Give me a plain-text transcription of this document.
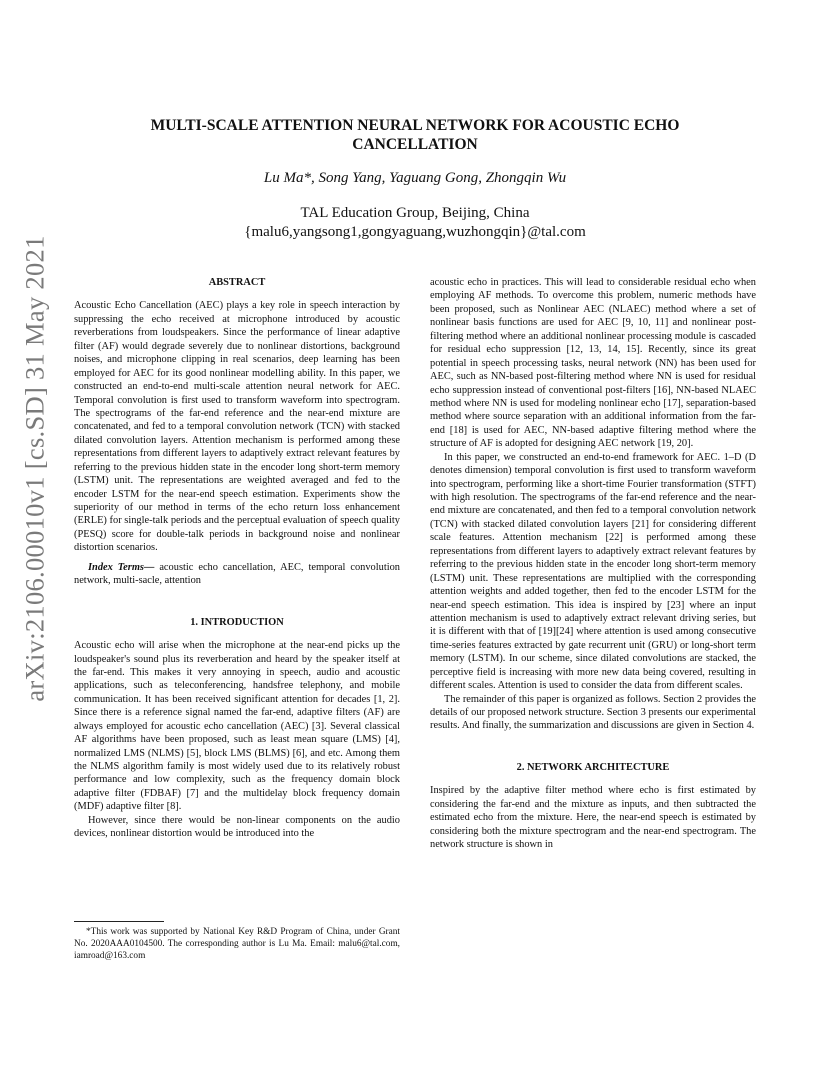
arXiv:2106.00010v1 [cs.SD] 31 May 2021
MULTI-SCALE ATTENTION NEURAL NETWORK FOR ACOUSTIC ECHO CANCELLATION
Lu Ma*, Song Yang, Yaguang Gong, Zhongqin Wu
TAL Education Group, Beijing, China
{malu6,yangsong1,gongyaguang,wuzhongqin}@tal.com
ABSTRACT

Acoustic Echo Cancellation (AEC) plays a key role in speech interaction by suppressing the echo received at microphone introduced by acoustic reverberations from loudspeakers. Since the performance of linear adaptive filter (AF) would degrade severely due to nonlinear distortions, background noises, and microphone clipping in real scenarios, deep learning has been employed for AEC for its good nonlinear modelling ability. In this paper, we constructed an end-to-end multi-scale attention neural network for AEC. Temporal convolution is first used to transform waveform into spectrogram. The spectrograms of the far-end reference and the near-end mixture are concatenated, and fed to a temporal convolution network (TCN) with stacked dilated convolution layers. Attention mechanism is performed among these representations from different layers to adaptively extract relevant features by referring to the previous hidden state in the encoder long short-term memory (LSTM) unit. The representations are weighted averaged and fed to the encoder LSTM for the near-end speech estimation. Experiments show the superiority of our method in terms of the echo return loss enhancement (ERLE) for single-talk periods and the perceptual evaluation of speech quality (PESQ) score for double-talk periods in background noise and nonlinear distortion scenarios.

Index Terms— acoustic echo cancellation, AEC, temporal convolution network, multi-sacle, attention

1. INTRODUCTION

Acoustic echo will arise when the microphone at the near-end picks up the loudspeaker's sound plus its reverberation and heard by the speaker itself at the far-end. This makes it very annoying in speech, audio and acoustic applications, such as teleconferencing, handsfree telephony, and mobile communication. It has been received significant attention for decades [1, 2]. Since there is a reference signal named the far-end, adaptive filters (AF) are always employed for acoustic echo cancellation (AEC) [3]. Several classical AF algorithms have been proposed, such as least mean square (LMS) [4], normalized LMS (NLMS) [5], block LMS (BLMS) [6], and etc. Among them the NLMS algorithm family is most widely used due to its relatively robust performance and low complexity, such as the frequency domain block adaptive filter (FDBAF) [7] and the multidelay block frequency domain (MDF) adaptive filter [8].

However, since there would be non-linear components on the audio devices, nonlinear distortion would be introduced into the

acoustic echo in practices. This will lead to considerable residual echo when employing AF methods. To overcome this problem, numeric methods have been proposed, such as Nonlinear AEC (NLAEC) method where a set of nonlinear basis functions are used for AEC [9, 10, 11] and nonlinear post-filtering method where an additional nonlinear processing module is cascaded for residual echo suppression [12, 13, 14, 15]. Recently, since its great potential in speech processing tasks, neural network (NN) has been used for AEC, such as NN-based post-filtering method where NN is used for residual echo suppression instead of conventional post-filters [16], NN-based NLAEC method where NN is used for modeling nonlinear echo [17], separation-based method where source separation with an additional information from the far-end [18] is used for AEC, NN-based adaptive filtering method where the structure of AF is adopted for designing AEC network [19, 20].

In this paper, we constructed an end-to-end framework for AEC. 1–D (D denotes dimension) temporal convolution is first used to transform waveform into spectrogram, performing like a short-time Fourier transformation (STFT) with high resolution. The spectrograms of the far-end reference and the near-end mixture are concatenated, and then fed to a temporal convolution network (TCN) with stacked dilated convolution layers [21] for considering different scale features. Attention mechanism [22] is performed among these representations from different layers to adaptively extract relevant features by referring to the previous hidden state in the encoder long short-term memory (LSTM) unit. These representations are multiplied with the corresponding attention weights and added together, then fed to the encoder LSTM for the near-end speech estimation. This idea is inspired by [23] where an input attention mechanism is used to adaptively extract relevant driving series, but it is different with that of [19][24] where attention is used among consecutive time-series features extracted by gate recurrent unit (GRU) or long-short term memory (LSTM). In our scheme, since dilated convolutions are stacked, the perceptive field is increasing with more new data being covered, resulting in different scales. Attention is used to consider the data from different scales.

The remainder of this paper is organized as follows. Section 2 provides the details of our proposed network structure. Section 3 presents our experimental results. And finally, the summarization and discussions are given in Section 4.

2. NETWORK ARCHITECTURE

Inspired by the adaptive filter method where echo is first estimated by considering the far-end and the mixture as inputs, and then subtracted the estimated echo from the mixture. Here, the near-end speech is estimated by considering both the mixture spectrogram and the near-end spectrogram. The network structure is shown in

*This work was supported by National Key R&D Program of China, under Grant No. 2020AAA0104500. The corresponding author is Lu Ma. Email: malu6@tal.com, iamroad@163.com
